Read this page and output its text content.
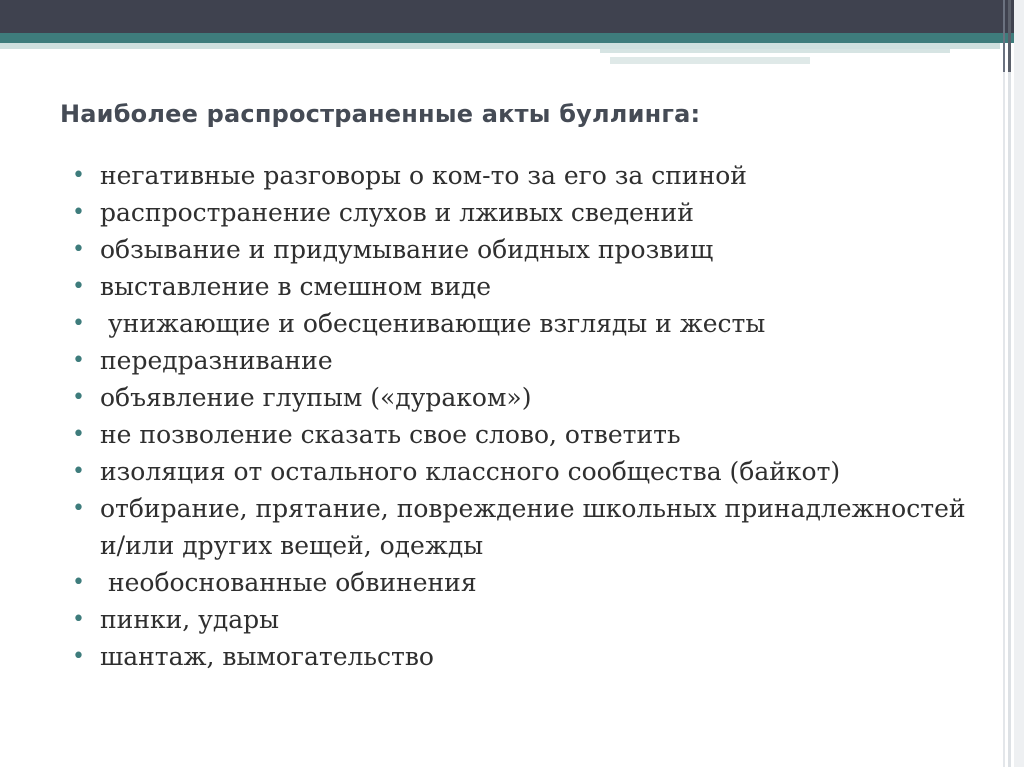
Наиболее распространенные акты буллинга:
• негативные разговоры о ком-то за его за спиной
• распространение слухов и лживых сведений
• обзывание и придумывание обидных прозвищ
• выставление в смешном виде
• унижающие и обесценивающие взгляды и жесты
• передразнивание
• объявление глупым («дураком»)
• не позволение сказать свое слово, ответить
• изоляция от остального классного сообщества (байкот)
• отбирание, прятание, повреждение школьных принадлежностей и/или других вещей, одежды
• необоснованные обвинения
• пинки, удары
• шантаж, вымогательство
